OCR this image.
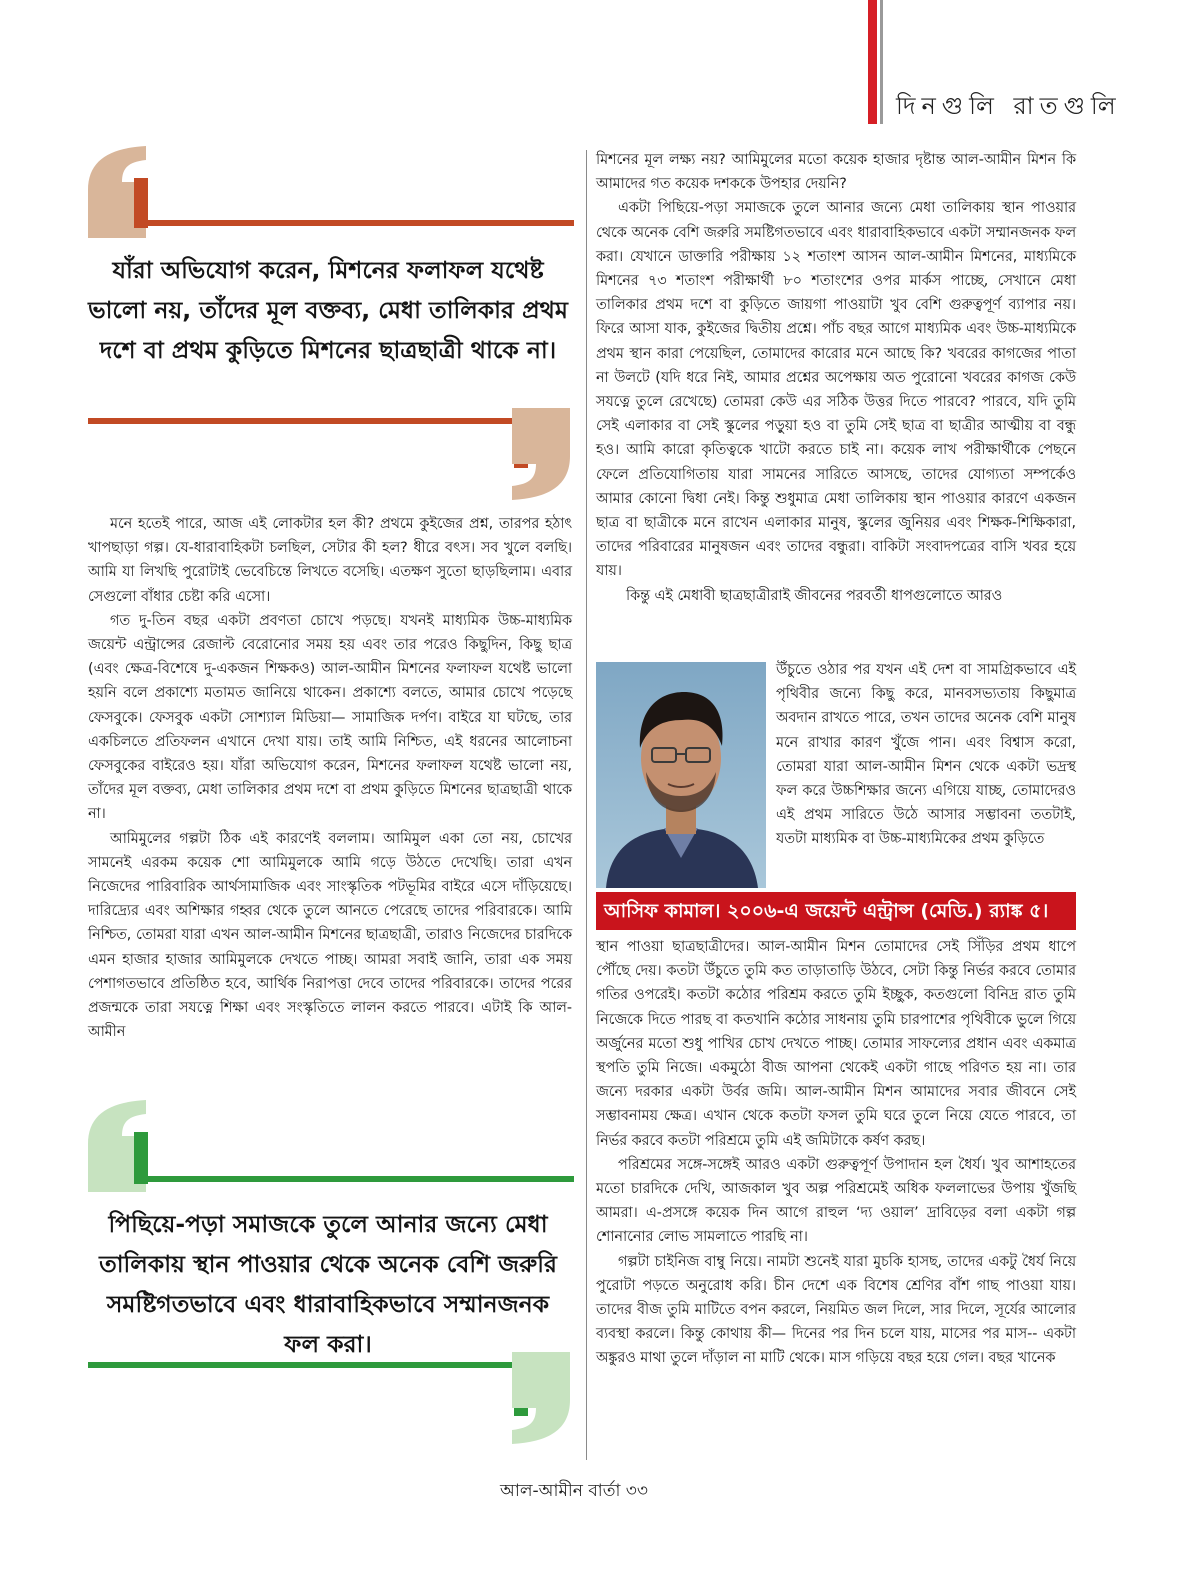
দিনগুলি রাতগুলি
যাঁরা অভিযোগ করেন, মিশনের ফলাফল যথেষ্ট ভালো নয়, তাঁদের মূল বক্তব্য, মেধা তালিকার প্রথম দশে বা প্রথম কুড়িতে মিশনের ছাত্রছাত্রী থাকে না।

মনে হতেই পারে, আজ এই লোকটার হল কী? প্রথমে কুইজের প্রশ্ন, তারপর হঠাৎ খাপছাড়া গল্প। যে-ধারাবাহিকটা চলছিল, সেটার কী হল? ধীরে বৎস। সব খুলে বলছি। আমি যা লিখছি পুরোটাই ভেবেচিন্তে লিখতে বসেছি। এতক্ষণ সুতো ছাড়ছিলাম। এবার সেগুলো বাঁধার চেষ্টা করি এসো।

গত দু-তিন বছর একটা প্রবণতা চোখে পড়ছে। যখনই মাধ্যমিক উচ্চ-মাধ্যমিক জয়েন্ট এন্ট্রান্সের রেজাল্ট বেরোনোর সময় হয় এবং তার পরেও কিছুদিন, কিছু ছাত্র (এবং ক্ষেত্র-বিশেষে দু-একজন শিক্ষকও) আল-আমীন মিশনের ফলাফল যথেষ্ট ভালো হয়নি বলে প্রকাশ্যে মতামত জানিয়ে থাকেন। প্রকাশ্যে বলতে, আমার চোখে পড়েছে ফেসবুকে। ফেসবুক একটা সোশ্যাল মিডিয়া— সামাজিক দর্পণ। বাইরে যা ঘটছে, তার একচিলতে প্রতিফলন এখানে দেখা যায়। তাই আমি নিশ্চিত, এই ধরনের আলোচনা ফেসবুকের বাইরেও হয়। যাঁরা অভিযোগ করেন, মিশনের ফলাফল যথেষ্ট ভালো নয়, তাঁদের মূল বক্তব্য, মেধা তালিকার প্রথম দশে বা প্রথম কুড়িতে মিশনের ছাত্রছাত্রী থাকে না।

আমিমুলের গল্পটা ঠিক এই কারণেই বললাম। আমিমুল একা তো নয়, চোখের সামনেই এরকম কয়েক শো আমিমুলকে আমি গড়ে উঠতে দেখেছি। তারা এখন নিজেদের পারিবারিক আর্থসামাজিক এবং সাংস্কৃতিক পটভূমির বাইরে এসে দাঁড়িয়েছে। দারিদ্র্যের এবং অশিক্ষার গহ্বর থেকে তুলে আনতে পেরেছে তাদের পরিবারকে। আমি নিশ্চিত, তোমরা যারা এখন আল-আমীন মিশনের ছাত্রছাত্রী, তারাও নিজেদের চারদিকে এমন হাজার হাজার আমিমুলকে দেখতে পাচ্ছ। আমরা সবাই জানি, তারা এক সময় পেশাগতভাবে প্রতিষ্ঠিত হবে, আর্থিক নিরাপত্তা দেবে তাদের পরিবারকে। তাদের পরের প্রজন্মকে তারা সযত্নে শিক্ষা এবং সংস্কৃতিতে লালন করতে পারবে। এটাই কি আল-আমীন

পিছিয়ে-পড়া সমাজকে তুলে আনার জন্যে মেধা তালিকায় স্থান পাওয়ার থেকে অনেক বেশি জরুরি সমষ্টিগতভাবে এবং ধারাবাহিকভাবে সম্মানজনক ফল করা।

মিশনের মূল লক্ষ্য নয়? আমিমুলের মতো কয়েক হাজার দৃষ্টান্ত আল-আমীন মিশন কি আমাদের গত কয়েক দশককে উপহার দেয়নি?

একটা পিছিয়ে-পড়া সমাজকে তুলে আনার জন্যে মেধা তালিকায় স্থান পাওয়ার থেকে অনেক বেশি জরুরি সমষ্টিগতভাবে এবং ধারাবাহিকভাবে একটা সম্মানজনক ফল করা। যেখানে ডাক্তারি পরীক্ষায় ১২ শতাংশ আসন আল-আমীন মিশনের, মাধ্যমিকে মিশনের ৭৩ শতাংশ পরীক্ষার্থী ৮০ শতাংশের ওপর মার্কস পাচ্ছে, সেখানে মেধা তালিকার প্রথম দশে বা কুড়িতে জায়গা পাওয়াটা খুব বেশি গুরুত্বপূর্ণ ব্যাপার নয়। ফিরে আসা যাক, কুইজের দ্বিতীয় প্রশ্নে। পাঁচ বছর আগে মাধ্যমিক এবং উচ্চ-মাধ্যমিকে প্রথম স্থান কারা পেয়েছিল, তোমাদের কারোর মনে আছে কি? খবরের কাগজের পাতা না উলটে (যদি ধরে নিই, আমার প্রশ্নের অপেক্ষায় অত পুরোনো খবরের কাগজ কেউ সযত্নে তুলে রেখেছে) তোমরা কেউ এর সঠিক উত্তর দিতে পারবে? পারবে, যদি তুমি সেই এলাকার বা সেই স্কুলের পড়ুয়া হও বা তুমি সেই ছাত্র বা ছাত্রীর আত্মীয় বা বন্ধু হও। আমি কারো কৃতিত্বকে খাটো করতে চাই না। কয়েক লাখ পরীক্ষার্থীকে পেছনে ফেলে প্রতিযোগিতায় যারা সামনের সারিতে আসছে, তাদের যোগ্যতা সম্পর্কেও আমার কোনো দ্বিধা নেই। কিন্তু শুধুমাত্র মেধা তালিকায় স্থান পাওয়ার কারণে একজন ছাত্র বা ছাত্রীকে মনে রাখেন এলাকার মানুষ, স্কুলের জুনিয়র এবং শিক্ষক-শিক্ষিকারা, তাদের পরিবারের মানুষজন এবং তাদের বন্ধুরা। বাকিটা সংবাদপত্রের বাসি খবর হয়ে যায়।

কিন্তু এই মেধাবী ছাত্রছাত্রীরাই জীবনের পরবর্তী ধাপগুলোতে আরও

উঁচুতে ওঠার পর যখন এই দেশ বা সামগ্রিকভাবে এই পৃথিবীর জন্যে কিছু করে, মানবসভ্যতায় কিছুমাত্র অবদান রাখতে পারে, তখন তাদের অনেক বেশি মানুষ মনে রাখার কারণ খুঁজে পান। এবং বিশ্বাস করো, তোমরা যারা আল-আমীন মিশন থেকে একটা ভদ্রস্থ ফল করে উচ্চশিক্ষার জন্যে এগিয়ে যাচ্ছ, তোমাদেরও এই প্রথম সারিতে উঠে আসার সম্ভাবনা ততটাই, যতটা মাধ্যমিক বা উচ্চ-মাধ্যমিকের প্রথম কুড়িতে

আসিফ কামাল। ২০০৬-এ জয়েন্ট এন্ট্রান্স (মেডি.) র‍্যাঙ্ক ৫।

স্থান পাওয়া ছাত্রছাত্রীদের। আল-আমীন মিশন তোমাদের সেই সিঁড়ির প্রথম ধাপে পৌঁছে দেয়। কতটা উঁচুতে তুমি কত তাড়াতাড়ি উঠবে, সেটা কিন্তু নির্ভর করবে তোমার গতির ওপরেই। কতটা কঠোর পরিশ্রম করতে তুমি ইচ্ছুক, কতগুলো বিনিদ্র রাত তুমি নিজেকে দিতে পারছ বা কতখানি কঠোর সাধনায় তুমি চারপাশের পৃথিবীকে ভুলে গিয়ে অর্জুনের মতো শুধু পাখির চোখ দেখতে পাচ্ছ। তোমার সাফল্যের প্রধান এবং একমাত্র স্থপতি তুমি নিজে। একমুঠো বীজ আপনা থেকেই একটা গাছে পরিণত হয় না। তার জন্যে দরকার একটা উর্বর জমি। আল-আমীন মিশন আমাদের সবার জীবনে সেই সম্ভাবনাময় ক্ষেত্র। এখান থেকে কতটা ফসল তুমি ঘরে তুলে নিয়ে যেতে পারবে, তা নির্ভর করবে কতটা পরিশ্রমে তুমি এই জমিটাকে কর্ষণ করছ।

পরিশ্রমের সঙ্গে-সঙ্গেই আরও একটা গুরুত্বপূর্ণ উপাদান হল ধৈর্য। খুব আশাহতের মতো চারদিকে দেখি, আজকাল খুব অল্প পরিশ্রমেই অধিক ফললাভের উপায় খুঁজছি আমরা। এ-প্রসঙ্গে কয়েক দিন আগে রাহুল ‘দ্য ওয়াল’ দ্রাবিড়ের বলা একটা গল্প শোনানোর লোভ সামলাতে পারছি না।

গল্পটা চাইনিজ বাম্বু নিয়ে। নামটা শুনেই যারা মুচকি হাসছ, তাদের একটু ধৈর্য নিয়ে পুরোটা পড়তে অনুরোধ করি। চীন দেশে এক বিশেষ শ্রেণির বাঁশ গাছ পাওয়া যায়। তাদের বীজ তুমি মাটিতে বপন করলে, নিয়মিত জল দিলে, সার দিলে, সূর্যের আলোর ব্যবস্থা করলে। কিন্তু কোথায় কী— দিনের পর দিন চলে যায়, মাসের পর মাস-- একটা অঙ্কুরও মাথা তুলে দাঁড়াল না মাটি থেকে। মাস গড়িয়ে বছর হয়ে গেল। বছর খানেক

আল-আমীন বার্তা ৩৩
